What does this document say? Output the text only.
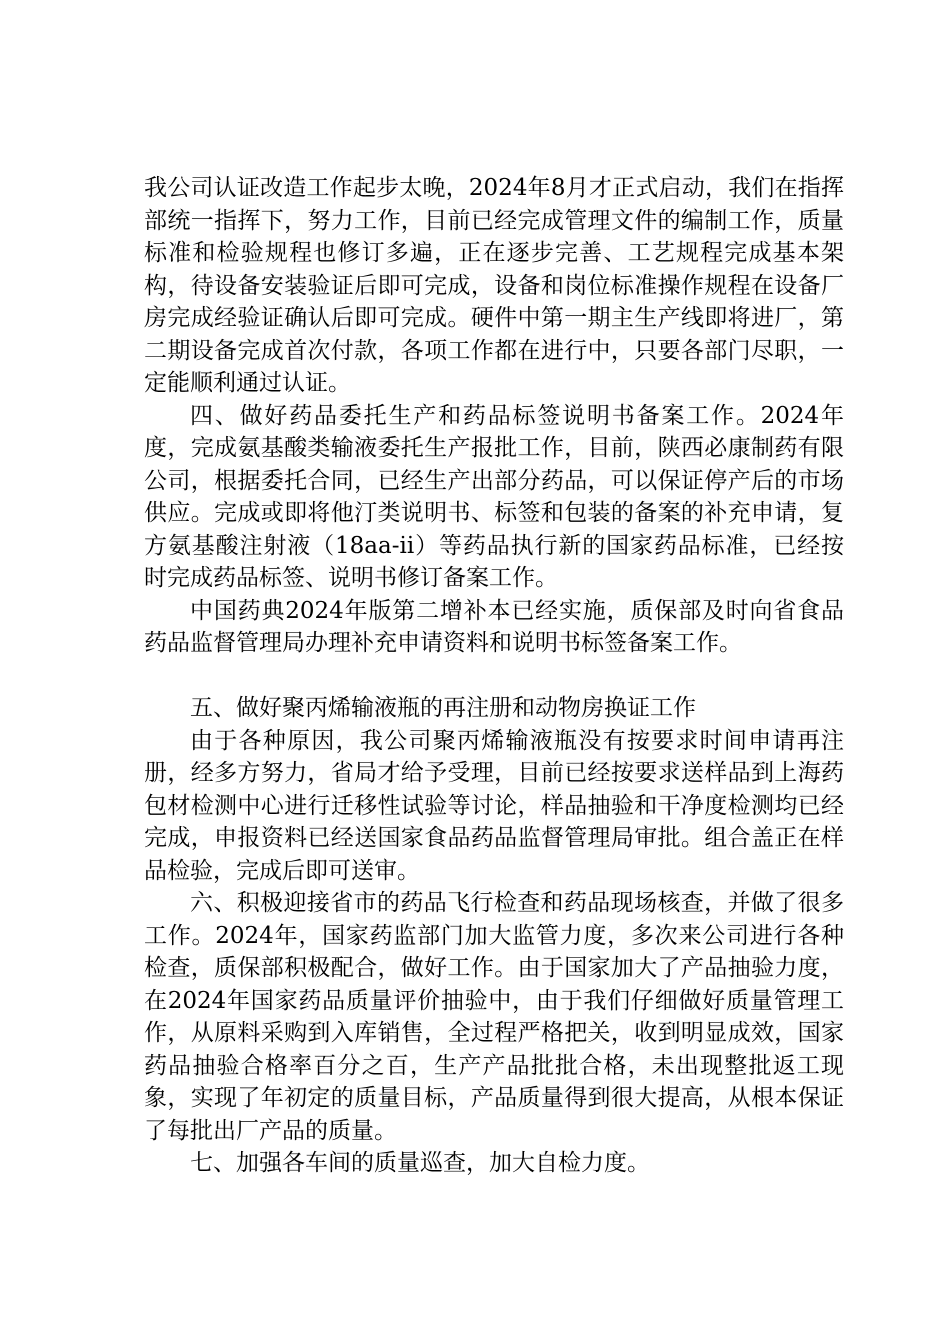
我公司认证改造工作起步太晚，2024年8月才正式启动，我们在指挥部统一指挥下，努力工作，目前已经完成管理文件的编制工作，质量标准和检验规程也修订多遍，正在逐步完善、工艺规程完成基本架构，待设备安装验证后即可完成，设备和岗位标准操作规程在设备厂房完成经验证确认后即可完成。硬件中第一期主生产线即将进厂，第二期设备完成首次付款，各项工作都在进行中，只要各部门尽职，一定能顺利通过认证。

四、做好药品委托生产和药品标签说明书备案工作。2024年度，完成氨基酸类输液委托生产报批工作，目前，陕西必康制药有限公司，根据委托合同，已经生产出部分药品，可以保证停产后的市场供应。完成或即将他汀类说明书、标签和包装的备案的补充申请，复方氨基酸注射液（18aa-ii）等药品执行新的国家药品标准，已经按时完成药品标签、说明书修订备案工作。

中国药典2024年版第二增补本已经实施，质保部及时向省食品药品监督管理局办理补充申请资料和说明书标签备案工作。

五、做好聚丙烯输液瓶的再注册和动物房换证工作

由于各种原因，我公司聚丙烯输液瓶没有按要求时间申请再注册，经多方努力，省局才给予受理，目前已经按要求送样品到上海药包材检测中心进行迁移性试验等讨论，样品抽验和干净度检测均已经完成，申报资料已经送国家食品药品监督管理局审批。组合盖正在样品检验，完成后即可送审。

六、积极迎接省市的药品飞行检查和药品现场核查，并做了很多工作。2024年，国家药监部门加大监管力度，多次来公司进行各种检查，质保部积极配合，做好工作。由于国家加大了产品抽验力度，在2024年国家药品质量评价抽验中，由于我们仔细做好质量管理工作，从原料采购到入库销售，全过程严格把关，收到明显成效，国家药品抽验合格率百分之百，生产产品批批合格，未出现整批返工现象，实现了年初定的质量目标，产品质量得到很大提高，从根本保证了每批出厂产品的质量。

七、加强各车间的质量巡查，加大自检力度。
